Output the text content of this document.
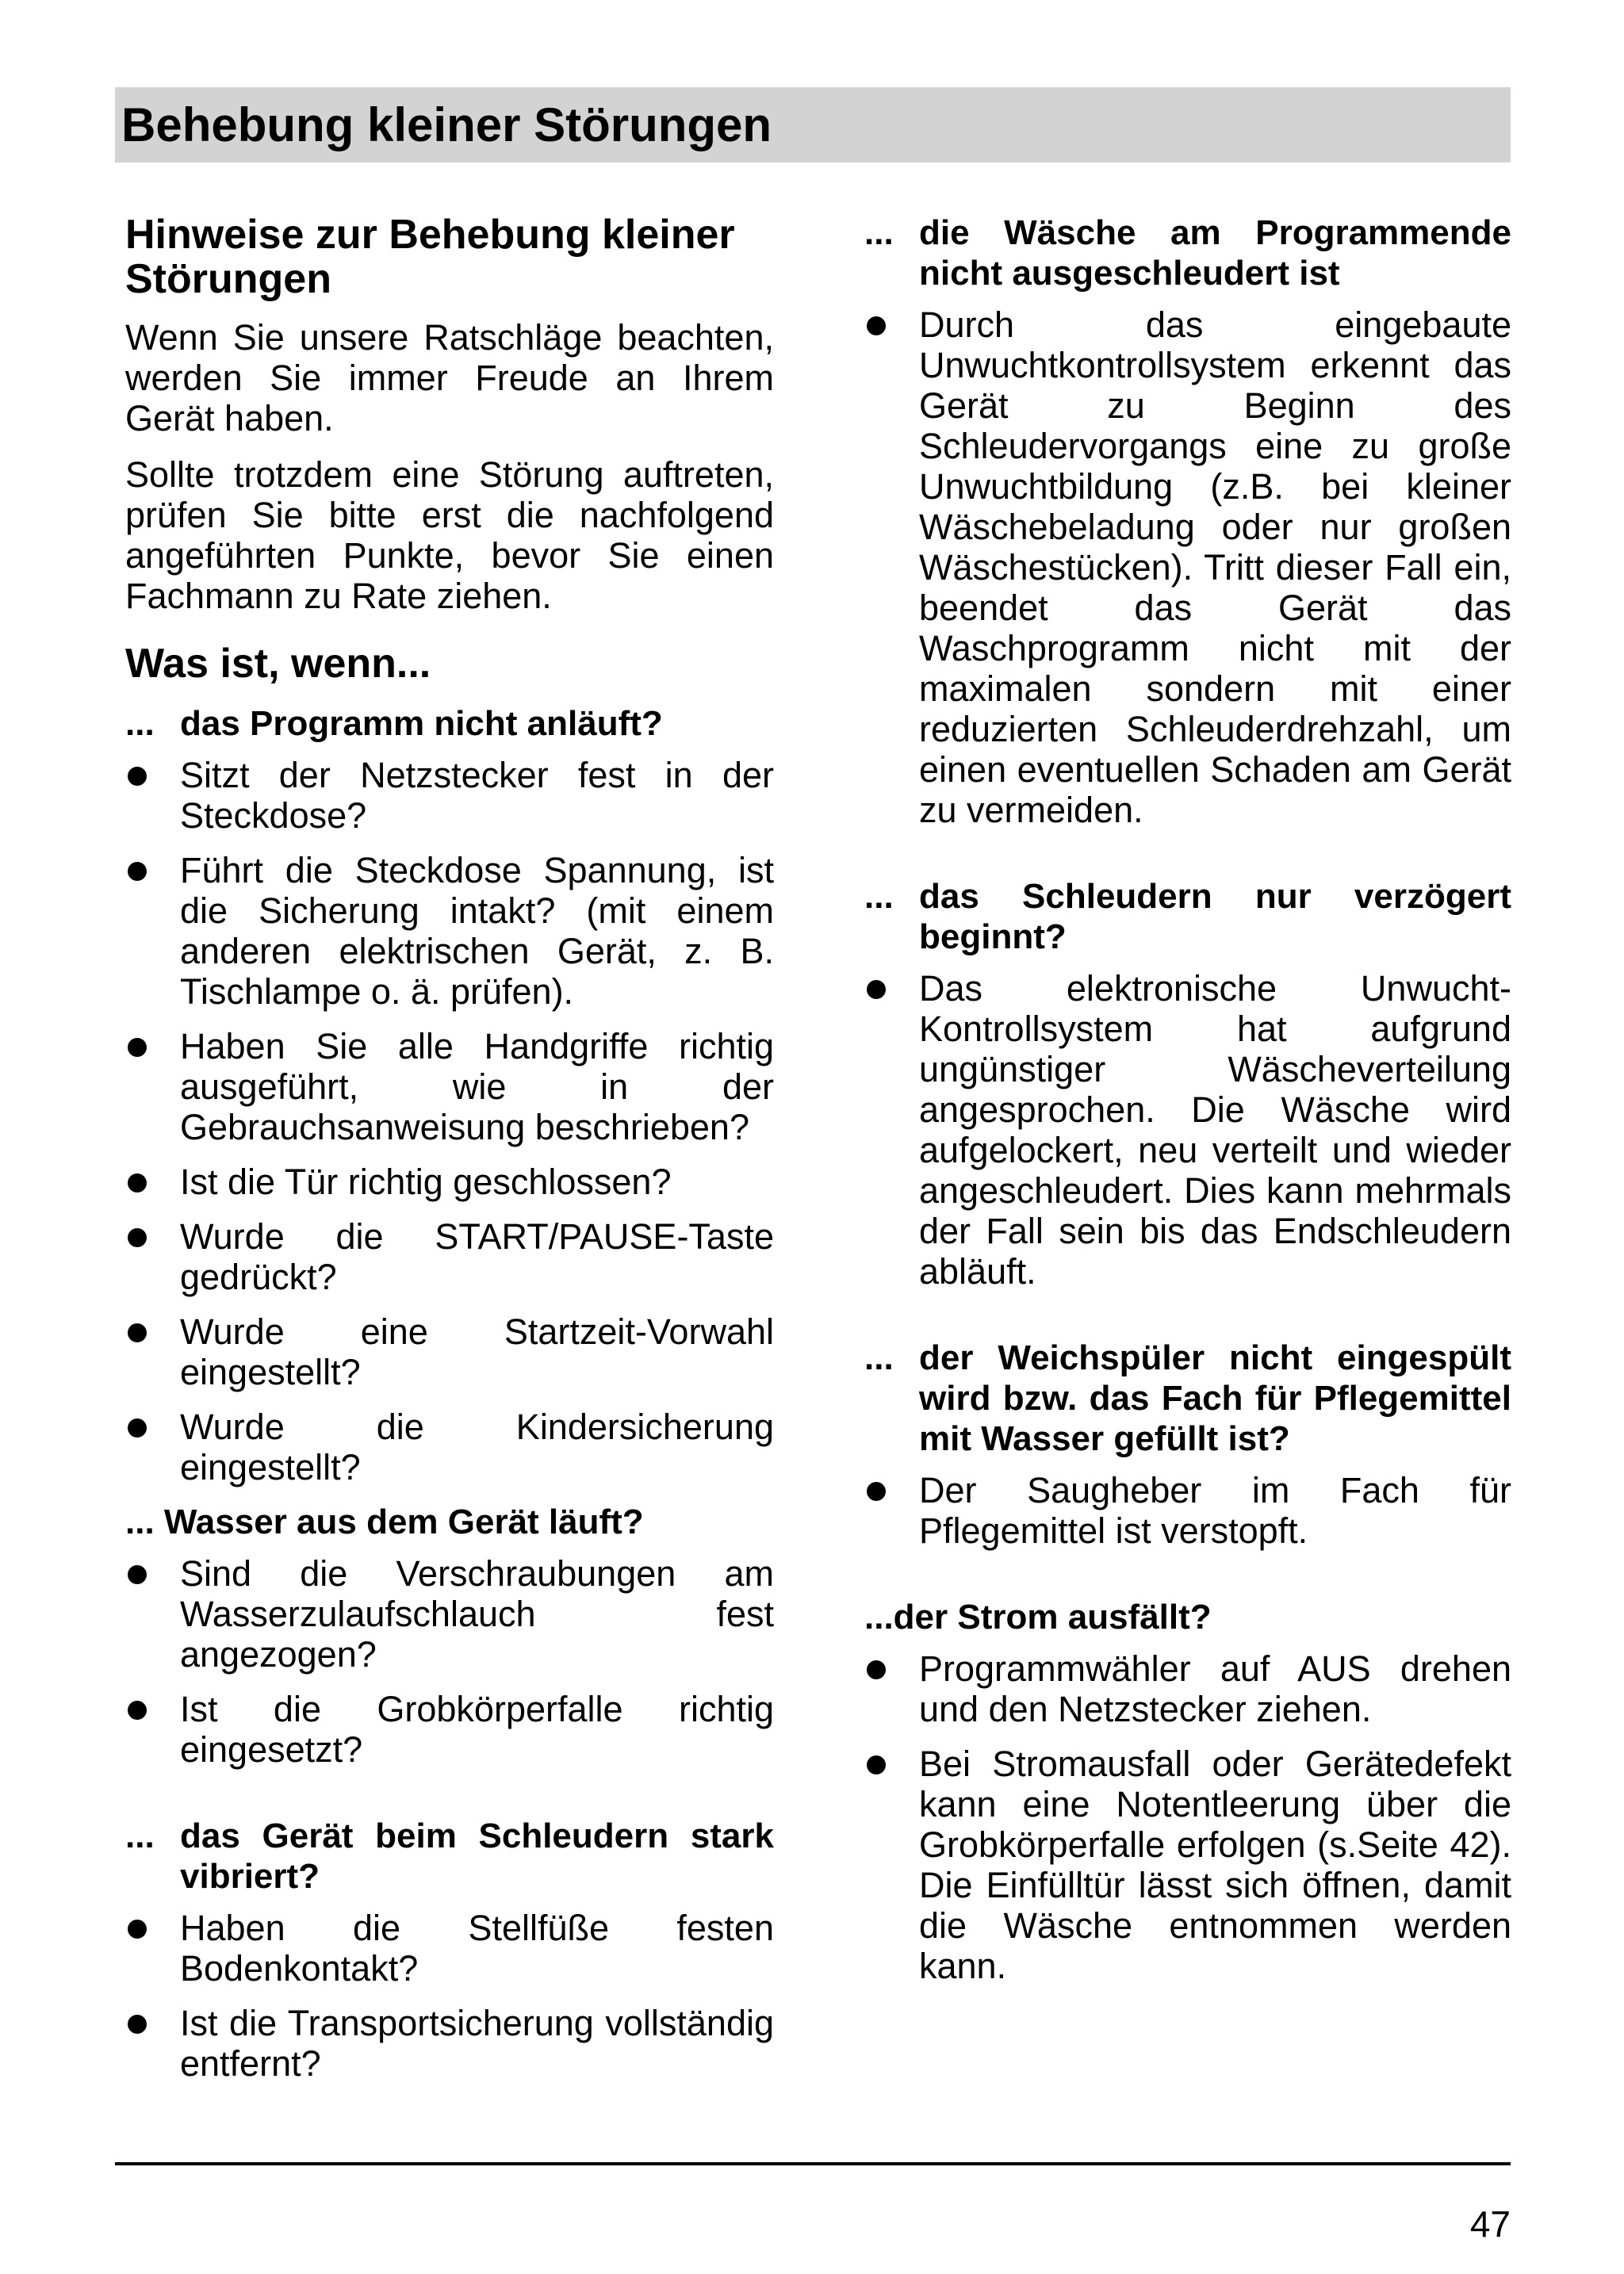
Behebung kleiner Störungen
Hinweise zur Behebung kleiner Störungen
Wenn Sie unsere Ratschläge beachten, werden Sie immer Freude an Ihrem Gerät haben.
Sollte trotzdem eine Störung auftreten, prüfen Sie bitte erst die nachfolgend angeführten Punkte, bevor Sie einen Fachmann zu Rate ziehen.
Was ist, wenn...
... das Programm nicht anläuft?
Sitzt der Netzstecker fest in der Steckdose?
Führt die Steckdose Spannung, ist die Sicherung intakt? (mit einem anderen elektrischen Gerät, z. B. Tischlampe o. ä. prüfen).
Haben Sie alle Handgriffe richtig ausgeführt, wie in der Gebrauchsanweisung beschrieben?
Ist die Tür richtig geschlossen?
Wurde die START/PAUSE-Taste gedrückt?
Wurde eine Startzeit-Vorwahl eingestellt?
Wurde die Kindersicherung eingestellt?
... Wasser aus dem Gerät läuft?
Sind die Verschraubungen am Wasserzulaufschlauch fest angezogen?
Ist die Grobkörperfalle richtig eingesetzt?
... das Gerät beim Schleudern stark vibriert?
Haben die Stellfüße festen Bodenkontakt?
Ist die Transportsicherung vollständig entfernt?
... die Wäsche am Programmende nicht ausgeschleudert ist
Durch das eingebaute Unwuchtkontrollsystem erkennt das Gerät zu Beginn des Schleudervorgangs eine zu große Unwuchtbildung (z.B. bei kleiner Wäschebeladung oder nur großen Wäschestücken). Tritt dieser Fall ein, beendet das Gerät das Waschprogramm nicht mit der maximalen sondern mit einer reduzierten Schleuderdrehzahl, um einen eventuellen Schaden am Gerät zu vermeiden.
... das Schleudern nur verzögert beginnt?
Das elektronische Unwucht-Kontrollsystem hat aufgrund ungünstiger Wäscheverteilung angesprochen. Die Wäsche wird aufgelockert, neu verteilt und wieder angeschleudert. Dies kann mehrmals der Fall sein bis das Endschleudern abläuft.
... der Weichspüler nicht eingespült wird bzw. das Fach für Pflegemittel mit Wasser gefüllt ist?
Der Saugheber im Fach für Pflegemittel ist verstopft.
...der Strom ausfällt?
Programmwähler auf AUS drehen und den Netzstecker ziehen.
Bei Stromausfall oder Gerätedefekt kann eine Notentleerung über die Grobkörperfalle erfolgen (s.Seite 42). Die Einfülltür lässt sich öffnen, damit die Wäsche entnommen werden kann.
47
